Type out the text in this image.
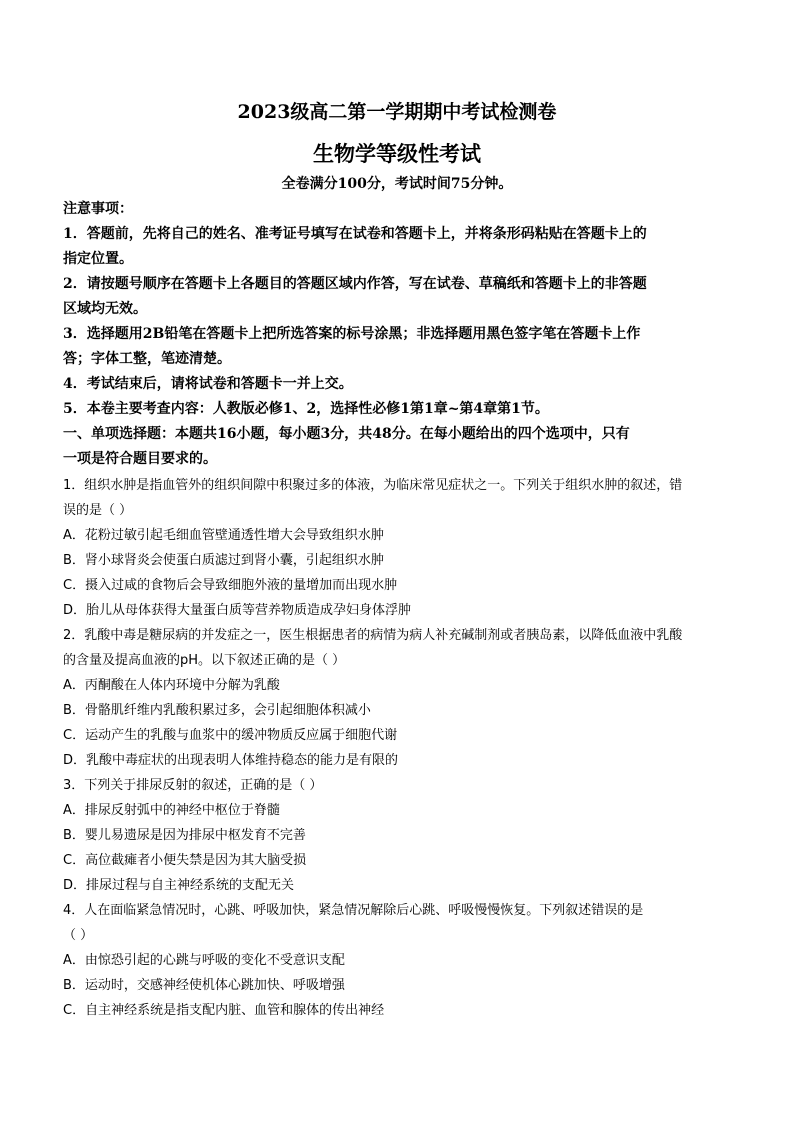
2023级高二第一学期期中考试检测卷
生物学等级性考试
全卷满分100分，考试时间75分钟。
注意事项：
1．答题前，先将自己的姓名、准考证号填写在试卷和答题卡上，并将条形码粘贴在答题卡上的
指定位置。
2．请按题号顺序在答题卡上各题目的答题区域内作答，写在试卷、草稿纸和答题卡上的非答题
区域均无效。
3．选择题用2B铅笔在答题卡上把所选答案的标号涂黑；非选择题用黑色签字笔在答题卡上作
答；字体工整，笔迹清楚。
4．考试结束后，请将试卷和答题卡一并上交。
5．本卷主要考查内容：人教版必修1、2，选择性必修1第1章~第4章第1节。
一、单项选择题：本题共16小题，每小题3分，共48分。在每小题给出的四个选项中，只有
一项是符合题目要求的。
1．组织水肿是指血管外的组织间隙中积聚过多的体液，为临床常见症状之一。下列关于组织水肿的叙述，错
误的是（ ）
A．花粉过敏引起毛细血管壁通透性增大会导致组织水肿
B．肾小球肾炎会使蛋白质滤过到肾小囊，引起组织水肿
C．摄入过咸的食物后会导致细胞外液的量增加而出现水肿
D．胎儿从母体获得大量蛋白质等营养物质造成孕妇身体浮肿
2．乳酸中毒是糖尿病的并发症之一，医生根据患者的病情为病人补充碱制剂或者胰岛素，以降低血液中乳酸
的含量及提高血液的pH。以下叙述正确的是（ ）
A．丙酮酸在人体内环境中分解为乳酸
B．骨骼肌纤维内乳酸积累过多，会引起细胞体积减小
C．运动产生的乳酸与血浆中的缓冲物质反应属于细胞代谢
D．乳酸中毒症状的出现表明人体维持稳态的能力是有限的
3．下列关于排尿反射的叙述，正确的是（ ）
A．排尿反射弧中的神经中枢位于脊髓
B．婴儿易遗尿是因为排尿中枢发育不完善
C．高位截瘫者小便失禁是因为其大脑受损
D．排尿过程与自主神经系统的支配无关
4．人在面临紧急情况时，心跳、呼吸加快，紧急情况解除后心跳、呼吸慢慢恢复。下列叙述错误的是
（ ）
A．由惊恐引起的心跳与呼吸的变化不受意识支配
B．运动时，交感神经使机体心跳加快、呼吸增强
C．自主神经系统是指支配内脏、血管和腺体的传出神经
